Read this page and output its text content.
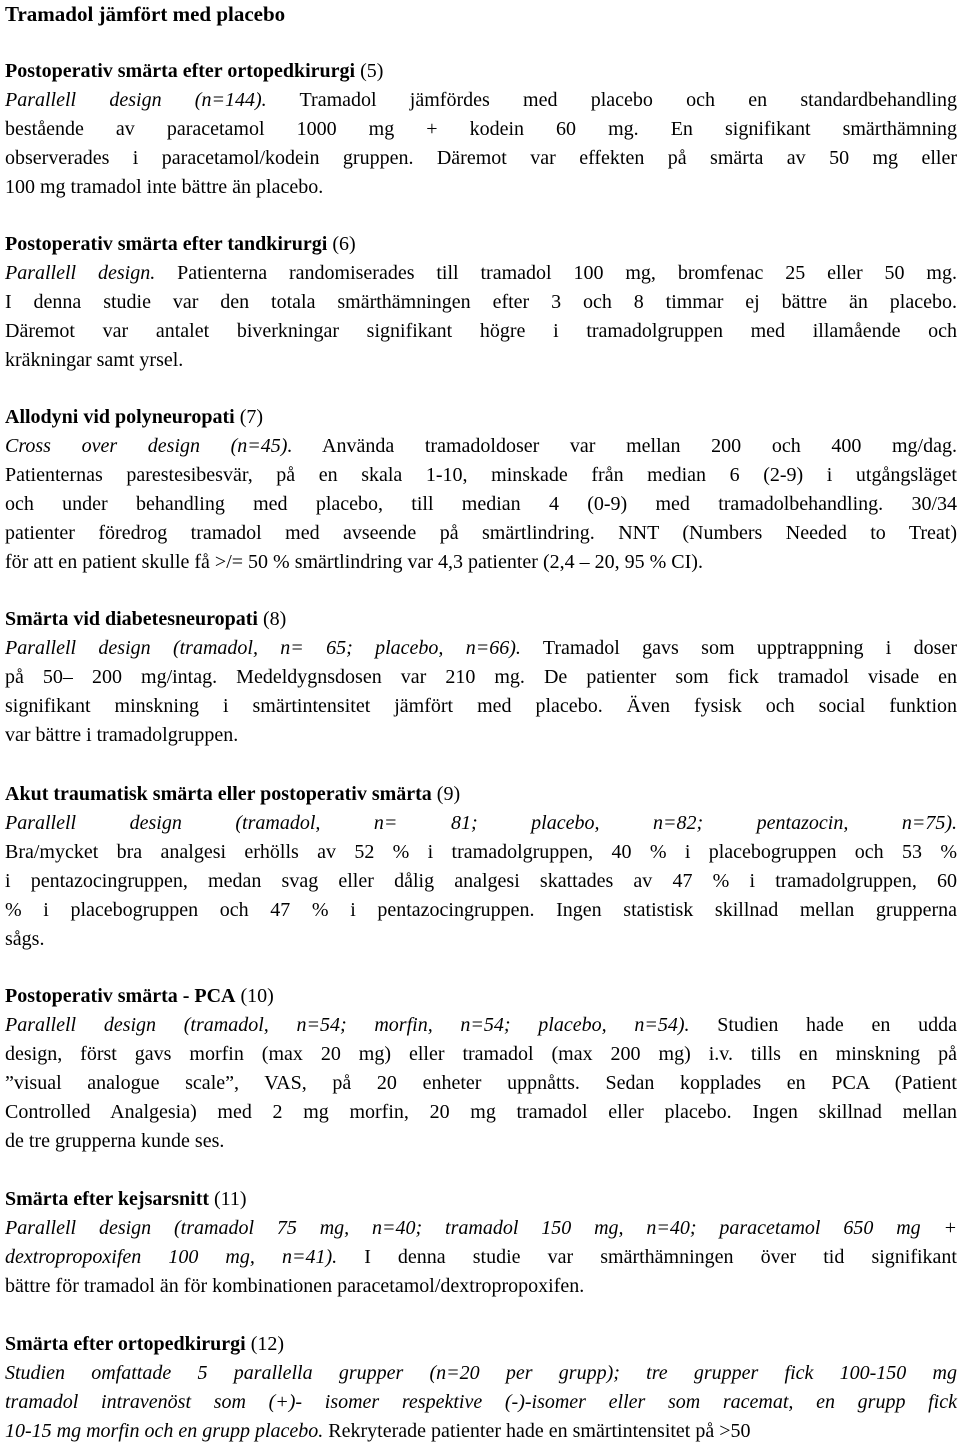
Tramadol jämfört med placebo
Postoperativ smärta efter ortopedkirurgi (5)
Parallell design (n=144). Tramadol jämfördes med placebo och en standardbehandling
bestående av paracetamol 1000 mg + kodein 60 mg. En signifikant smärthämning
observerades i paracetamol/kodein gruppen. Däremot var effekten på smärta av 50 mg eller
100 mg tramadol inte bättre än placebo.
Postoperativ smärta efter tandkirurgi (6)
Parallell design. Patienterna randomiserades till tramadol 100 mg, bromfenac 25 eller 50 mg.
I denna studie var den totala smärthämningen efter 3 och 8 timmar ej bättre än placebo.
Däremot var antalet biverkningar signifikant högre i tramadolgruppen med illamående och
kräkningar samt yrsel.
Allodyni vid polyneuropati (7)
Cross over design (n=45). Använda tramadoldoser var mellan 200 och 400 mg/dag.
Patienternas parestesibesvär, på en skala 1-10, minskade från median 6 (2-9) i utgångsläget
och under behandling med placebo, till median 4 (0-9) med tramadolbehandling. 30/34
patienter föredrog tramadol med avseende på smärtlindring. NNT (Numbers Needed to Treat)
för att en patient skulle få >/= 50 % smärtlindring var 4,3 patienter (2,4 – 20, 95 % CI).
Smärta vid diabetesneuropati (8)
Parallell design (tramadol, n= 65; placebo, n=66). Tramadol gavs som upptrappning i doser
på 50– 200 mg/intag. Medeldygnsdosen var 210 mg. De patienter som fick tramadol visade en
signifikant minskning i smärtintensitet jämfört med placebo. Även fysisk och social funktion
var bättre i tramadolgruppen.
Akut traumatisk smärta eller postoperativ smärta (9)
Parallell design (tramadol, n= 81; placebo, n=82; pentazocin, n=75).
Bra/mycket bra analgesi erhölls av 52 % i tramadolgruppen, 40 % i placebogruppen och 53 %
i pentazocingruppen, medan svag eller dålig analgesi skattades av 47 % i tramadolgruppen, 60
% i placebogruppen och 47 % i pentazocingruppen. Ingen statistisk skillnad mellan grupperna
sågs.
Postoperativ smärta - PCA (10)
Parallell design (tramadol, n=54; morfin, n=54; placebo, n=54). Studien hade en udda
design, först gavs morfin (max 20 mg) eller tramadol (max 200 mg) i.v. tills en minskning på
”visual analogue scale”, VAS, på 20 enheter uppnåtts. Sedan kopplades en PCA (Patient
Controlled Analgesia) med 2 mg morfin, 20 mg tramadol eller placebo. Ingen skillnad mellan
de tre grupperna kunde ses.
Smärta efter kejsarsnitt (11)
Parallell design (tramadol 75 mg, n=40; tramadol 150 mg, n=40; paracetamol 650 mg +
dextropropoxifen 100 mg, n=41). I denna studie var smärthämningen över tid signifikant
bättre för tramadol än för kombinationen paracetamol/dextropropoxifen.
Smärta efter ortopedkirurgi (12)
Studien omfattade 5 parallella grupper (n=20 per grupp); tre grupper fick 100-150 mg
tramadol intravenöst som (+)- isomer respektive (-)-isomer eller som racemat, en grupp fick
10-15 mg morfin och en grupp placebo. Rekryterade patienter hade en smärtintensitet på >50
